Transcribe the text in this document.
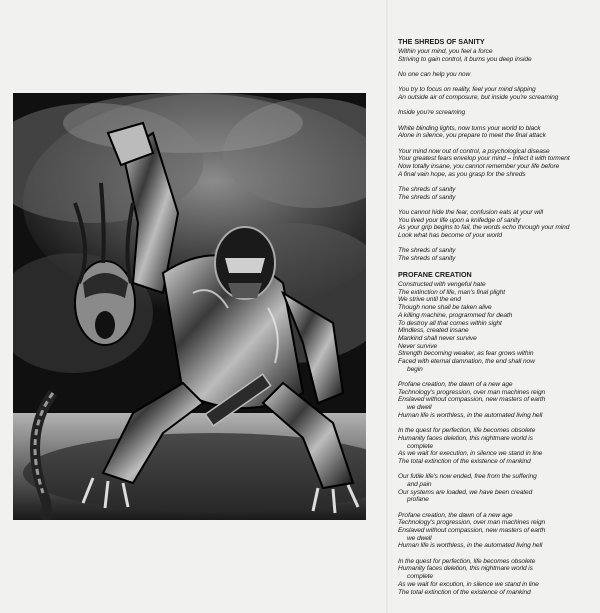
THE SHREDS OF SANITY
Within your mind, you feel a force
Striving to gain control, it burns you deep inside
No one can help you now
You try to focus on reality, feel your mind slipping
An outside air of composure, but inside you're screaming
Inside you're screaming
White blinding lights, now turns your world to black
Alone in silence, you prepare to meet the final attack
Your mind now out of control, a psychological disease
Your greatest fears envelop your mind – Infect it with torment
Now totally insane, you cannot remember your life before
A final vain hope, as you grasp for the shreds
The shreds of sanity
The shreds of sanity
You cannot hide the fear, confusion eats at your will
You lived your life upon a knifedge of sanity
As your grip begins to fail, the words echo through your mind
Look what has become of your world
The shreds of sanity
The shreds of sanity
PROFANE CREATION
Constructed with vengeful hate
The extinction of life, man's final plight
We strive until the end
Though none shall be taken alive
A killing machine, programmed for death
To destroy all that comes within sight
Mindless, created insane
Mankind shall never survive
Never survive
Strength becoming weaker, as fear grows within
Faced with eternal damnation, the end shall now
begin
Profane creation, the dawn of a new age
Technology's progression, over man machines reign
Enslaved without compassion, new masters of earth
we dwell
Human life is worthless, in the automated living hell
In the quest for perfection, life becomes obsolete
Humanity faces deletion, this nightmare world is
complete
As we wait for execution, in silence we stand in line
The total extinction of the existence of mankind
Our futile life's now ended, free from the suffering
and pain
Our systems are loaded, we have been created
profane
Profane creation, the dawn of a new age
Technology's progression, over man machines reign
Enslaved without compassion, new masters of earth
we dwell
Human life is worthless, in the automated living hell
In the quest for perfection, life becomes obsolete
Humanity faces deletion, this nightmare world is
complete
As we wait for excution, in silence we stand in line
The total extinction of the existence of mankind
